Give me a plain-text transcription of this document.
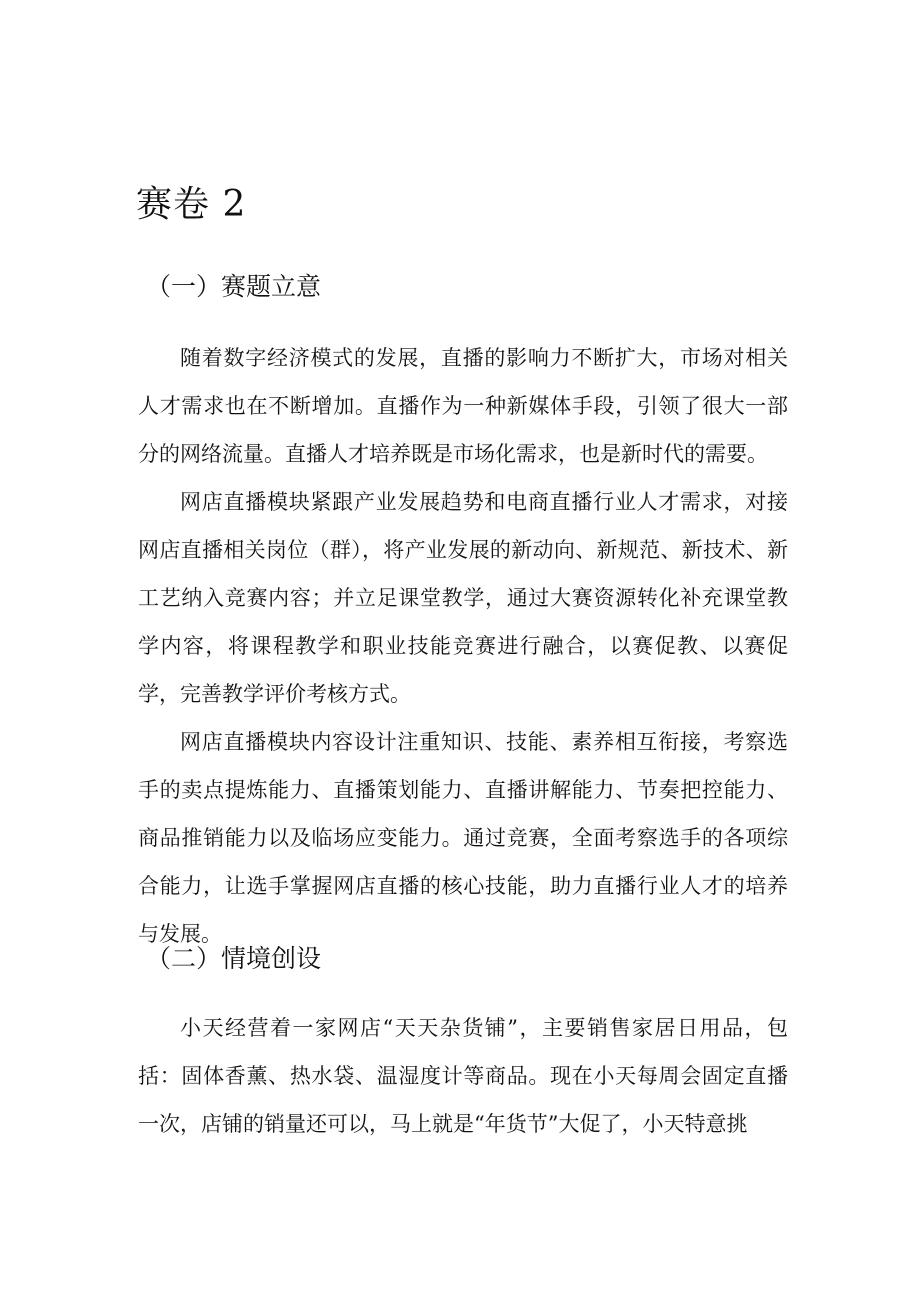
赛卷 2
（一）赛题立意

随着数字经济模式的发展，直播的影响力不断扩大，市场对相关人才需求也在不断增加。直播作为一种新媒体手段，引领了很大一部分的网络流量。直播人才培养既是市场化需求，也是新时代的需要。

网店直播模块紧跟产业发展趋势和电商直播行业人才需求，对接网店直播相关岗位（群），将产业发展的新动向、新规范、新技术、新工艺纳入竞赛内容；并立足课堂教学，通过大赛资源转化补充课堂教学内容，将课程教学和职业技能竞赛进行融合，以赛促教、以赛促学，完善教学评价考核方式。

网店直播模块内容设计注重知识、技能、素养相互衔接，考察选手的卖点提炼能力、直播策划能力、直播讲解能力、节奏把控能力、商品推销能力以及临场应变能力。通过竞赛，全面考察选手的各项综合能力，让选手掌握网店直播的核心技能，助力直播行业人才的培养与发展。

（二）情境创设

小天经营着一家网店“天天杂货铺”，主要销售家居日用品，包括：固体香薰、热水袋、温湿度计等商品。现在小天每周会固定直播一次，店铺的销量还可以，马上就是“年货节”大促了，小天特意挑
